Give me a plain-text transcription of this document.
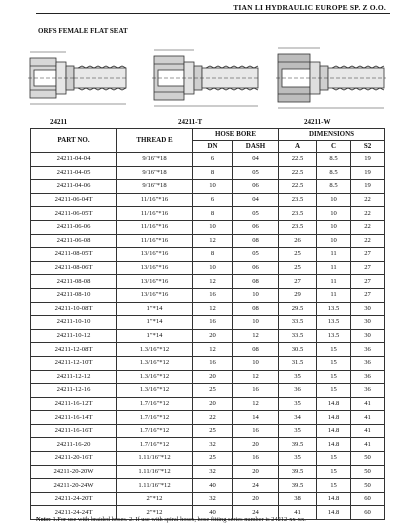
TIAN LI HYDRAULIC EUROPE SP. Z O.O.
ORFS FEMALE FLAT SEAT
24211	24211-T	24211-W
PART NO.	THREAD E	HOSE BORE		DIMENSIONS		
		DN	DASH	A	C	S2
24211-04-04	9/16"*18	6	04	22.5	8.5	19
24211-04-05	9/16"*18	8	05	22.5	8.5	19
24211-04-06	9/16"*18	10	06	22.5	8.5	19
24211-06-04T	11/16"*16	6	04	23.5	10	22
24211-06-05T	11/16"*16	8	05	23.5	10	22
24211-06-06	11/16"*16	10	06	23.5	10	22
24211-06-08	11/16"*16	12	08	26	10	22
24211-08-05T	13/16"*16	8	05	25	11	27
24211-08-06T	13/16"*16	10	06	25	11	27
24211-08-08	13/16"*16	12	08	27	11	27
24211-08-10	13/16"*16	16	10	29	11	27
24211-10-08T	1"*14	12	08	29.5	13.5	30
24211-10-10	1"*14	16	10	33.5	13.5	30
24211-10-12	1"*14	20	12	33.5	13.5	30
24211-12-08T	1.3/16"*12	12	08	30.5	15	36
24211-12-10T	1.3/16"*12	16	10	31.5	15	36
24211-12-12	1.3/16"*12	20	12	35	15	36
24211-12-16	1.3/16"*12	25	16	36	15	36
24211-16-12T	1.7/16"*12	20	12	35	14.8	41
24211-16-14T	1.7/16"*12	22	14	34	14.8	41
24211-16-16T	1.7/16"*12	25	16	35	14.8	41
24211-16-20	1.7/16"*12	32	20	39.5	14.8	41
24211-20-16T	1.11/16"*12	25	16	35	15	50
24211-20-20W	1.11/16"*12	32	20	39.5	15	50
24211-20-24W	1.11/16"*12	40	24	39.5	15	50
24211-24-20T	2"*12	32	20	38	14.8	60
24211-24-24T	2"*12	40	24	41	14.8	60
Note: 1.For use with braided hoses. 2. If use with spiral hoses, hose fitting series number is 24212-xx-xx.
